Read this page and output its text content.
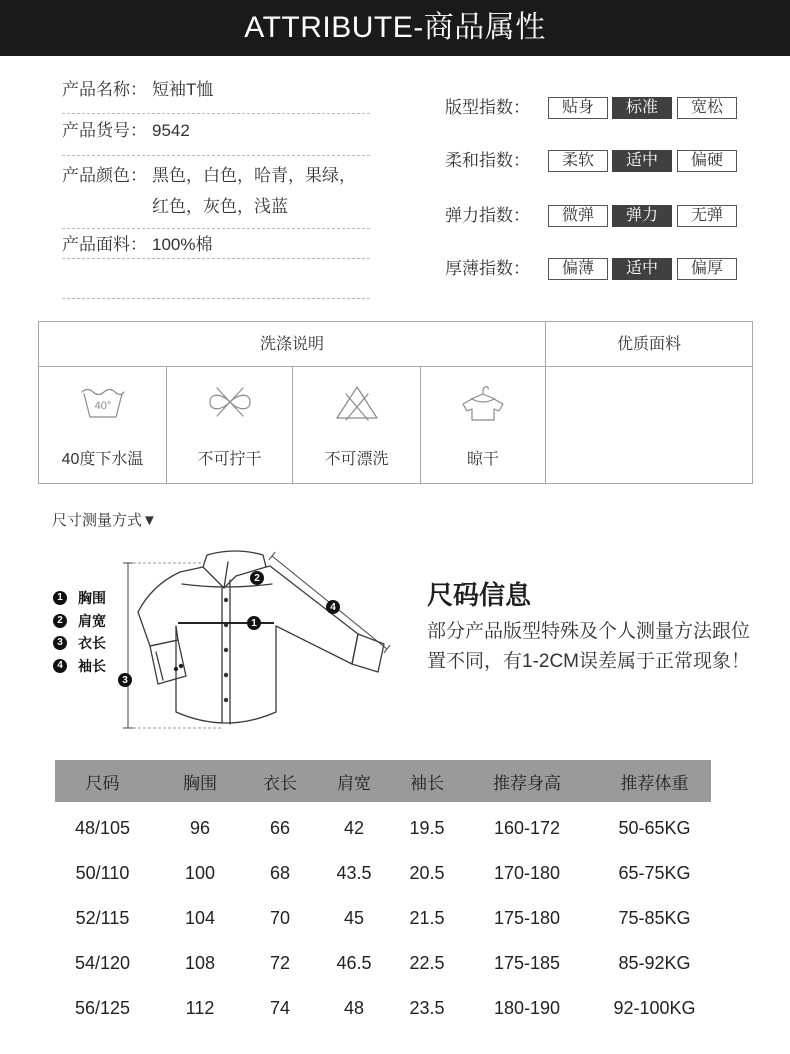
ATTRIBUTE-商品属性
产品名称： 短袖T恤
产品货号： 9542
产品颜色： 黑色，白色，哈青，果绿，
红色，灰色，浅蓝
产品面料： 100%棉
版型指数：	贴身	标准	宽松
柔和指数：	柔软	适中	偏硬
弹力指数：	微弹	弹力	无弹
厚薄指数：	偏薄	适中	偏厚
洗涤说明				优质面料

40°
40度下水温	不可拧干	不可漂洗	晾干	

尺寸测量方式▼
1	胸围
2	肩宽
3	衣长
4	袖长
2
1
4
3
尺码信息
部分产品版型特殊及个人测量方法跟位
置不同，有1-2CM误差属于正常现象！
尺码	胸围	衣长	肩宽	袖长	推荐身高	推荐体重
48/105	96	66	42	19.5	160-172	50-65KG
50/110	100	68	43.5	20.5	170-180	65-75KG
52/115	104	70	45	21.5	175-180	75-85KG
54/120	108	72	46.5	22.5	175-185	85-92KG
56/125	112	74	48	23.5	180-190	92-100KG
